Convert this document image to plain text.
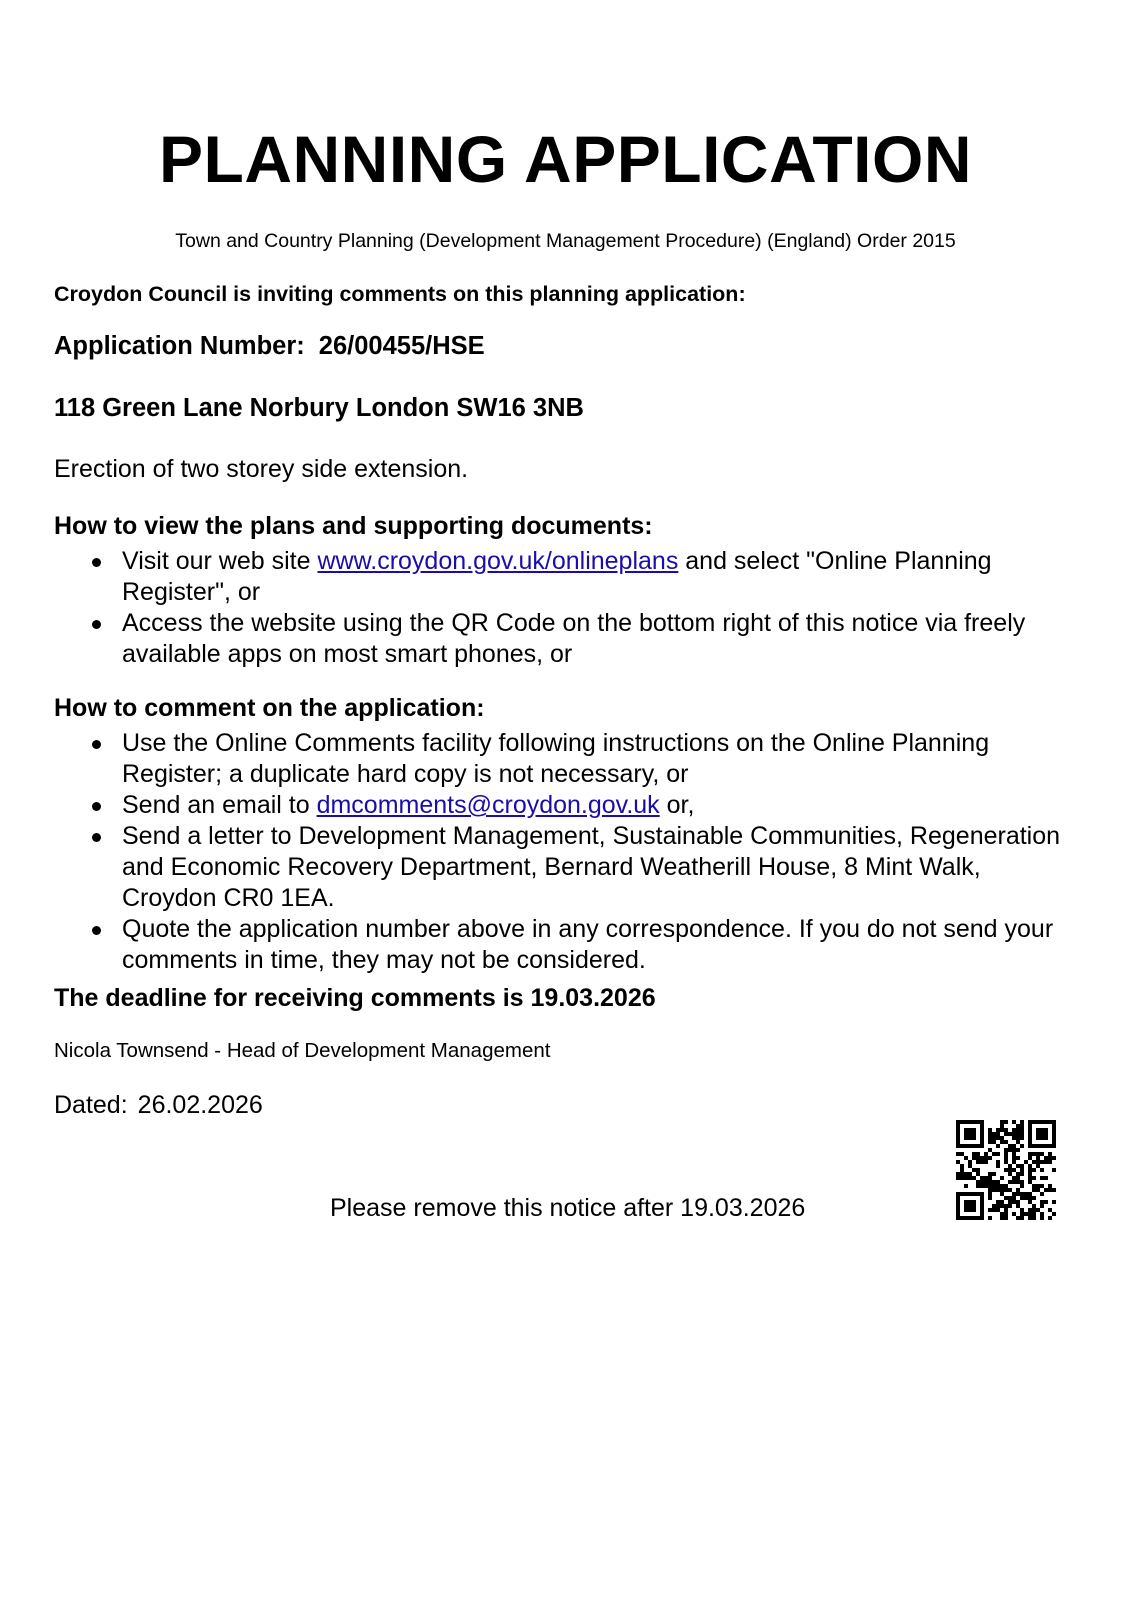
PLANNING APPLICATION
Town and Country Planning (Development Management Procedure) (England) Order 2015
Croydon Council is inviting comments on this planning application:
Application Number: 26/00455/HSE
118 Green Lane Norbury London SW16 3NB
Erection of two storey side extension.
How to view the plans and supporting documents:
Visit our web site www.croydon.gov.uk/onlineplans and select "Online Planning Register", or
Access the website using the QR Code on the bottom right of this notice via freely available apps on most smart phones, or
How to comment on the application:
Use the Online Comments facility following instructions on the Online Planning Register; a duplicate hard copy is not necessary, or
Send an email to dmcomments@croydon.gov.uk or,
Send a letter to Development Management, Sustainable Communities, Regeneration and Economic Recovery Department, Bernard Weatherill House, 8 Mint Walk, Croydon CR0 1EA.
Quote the application number above in any correspondence. If you do not send your comments in time, they may not be considered.
The deadline for receiving comments is 19.03.2026
Nicola Townsend - Head of Development Management
Dated: 26.02.2026
Please remove this notice after 19.03.2026
